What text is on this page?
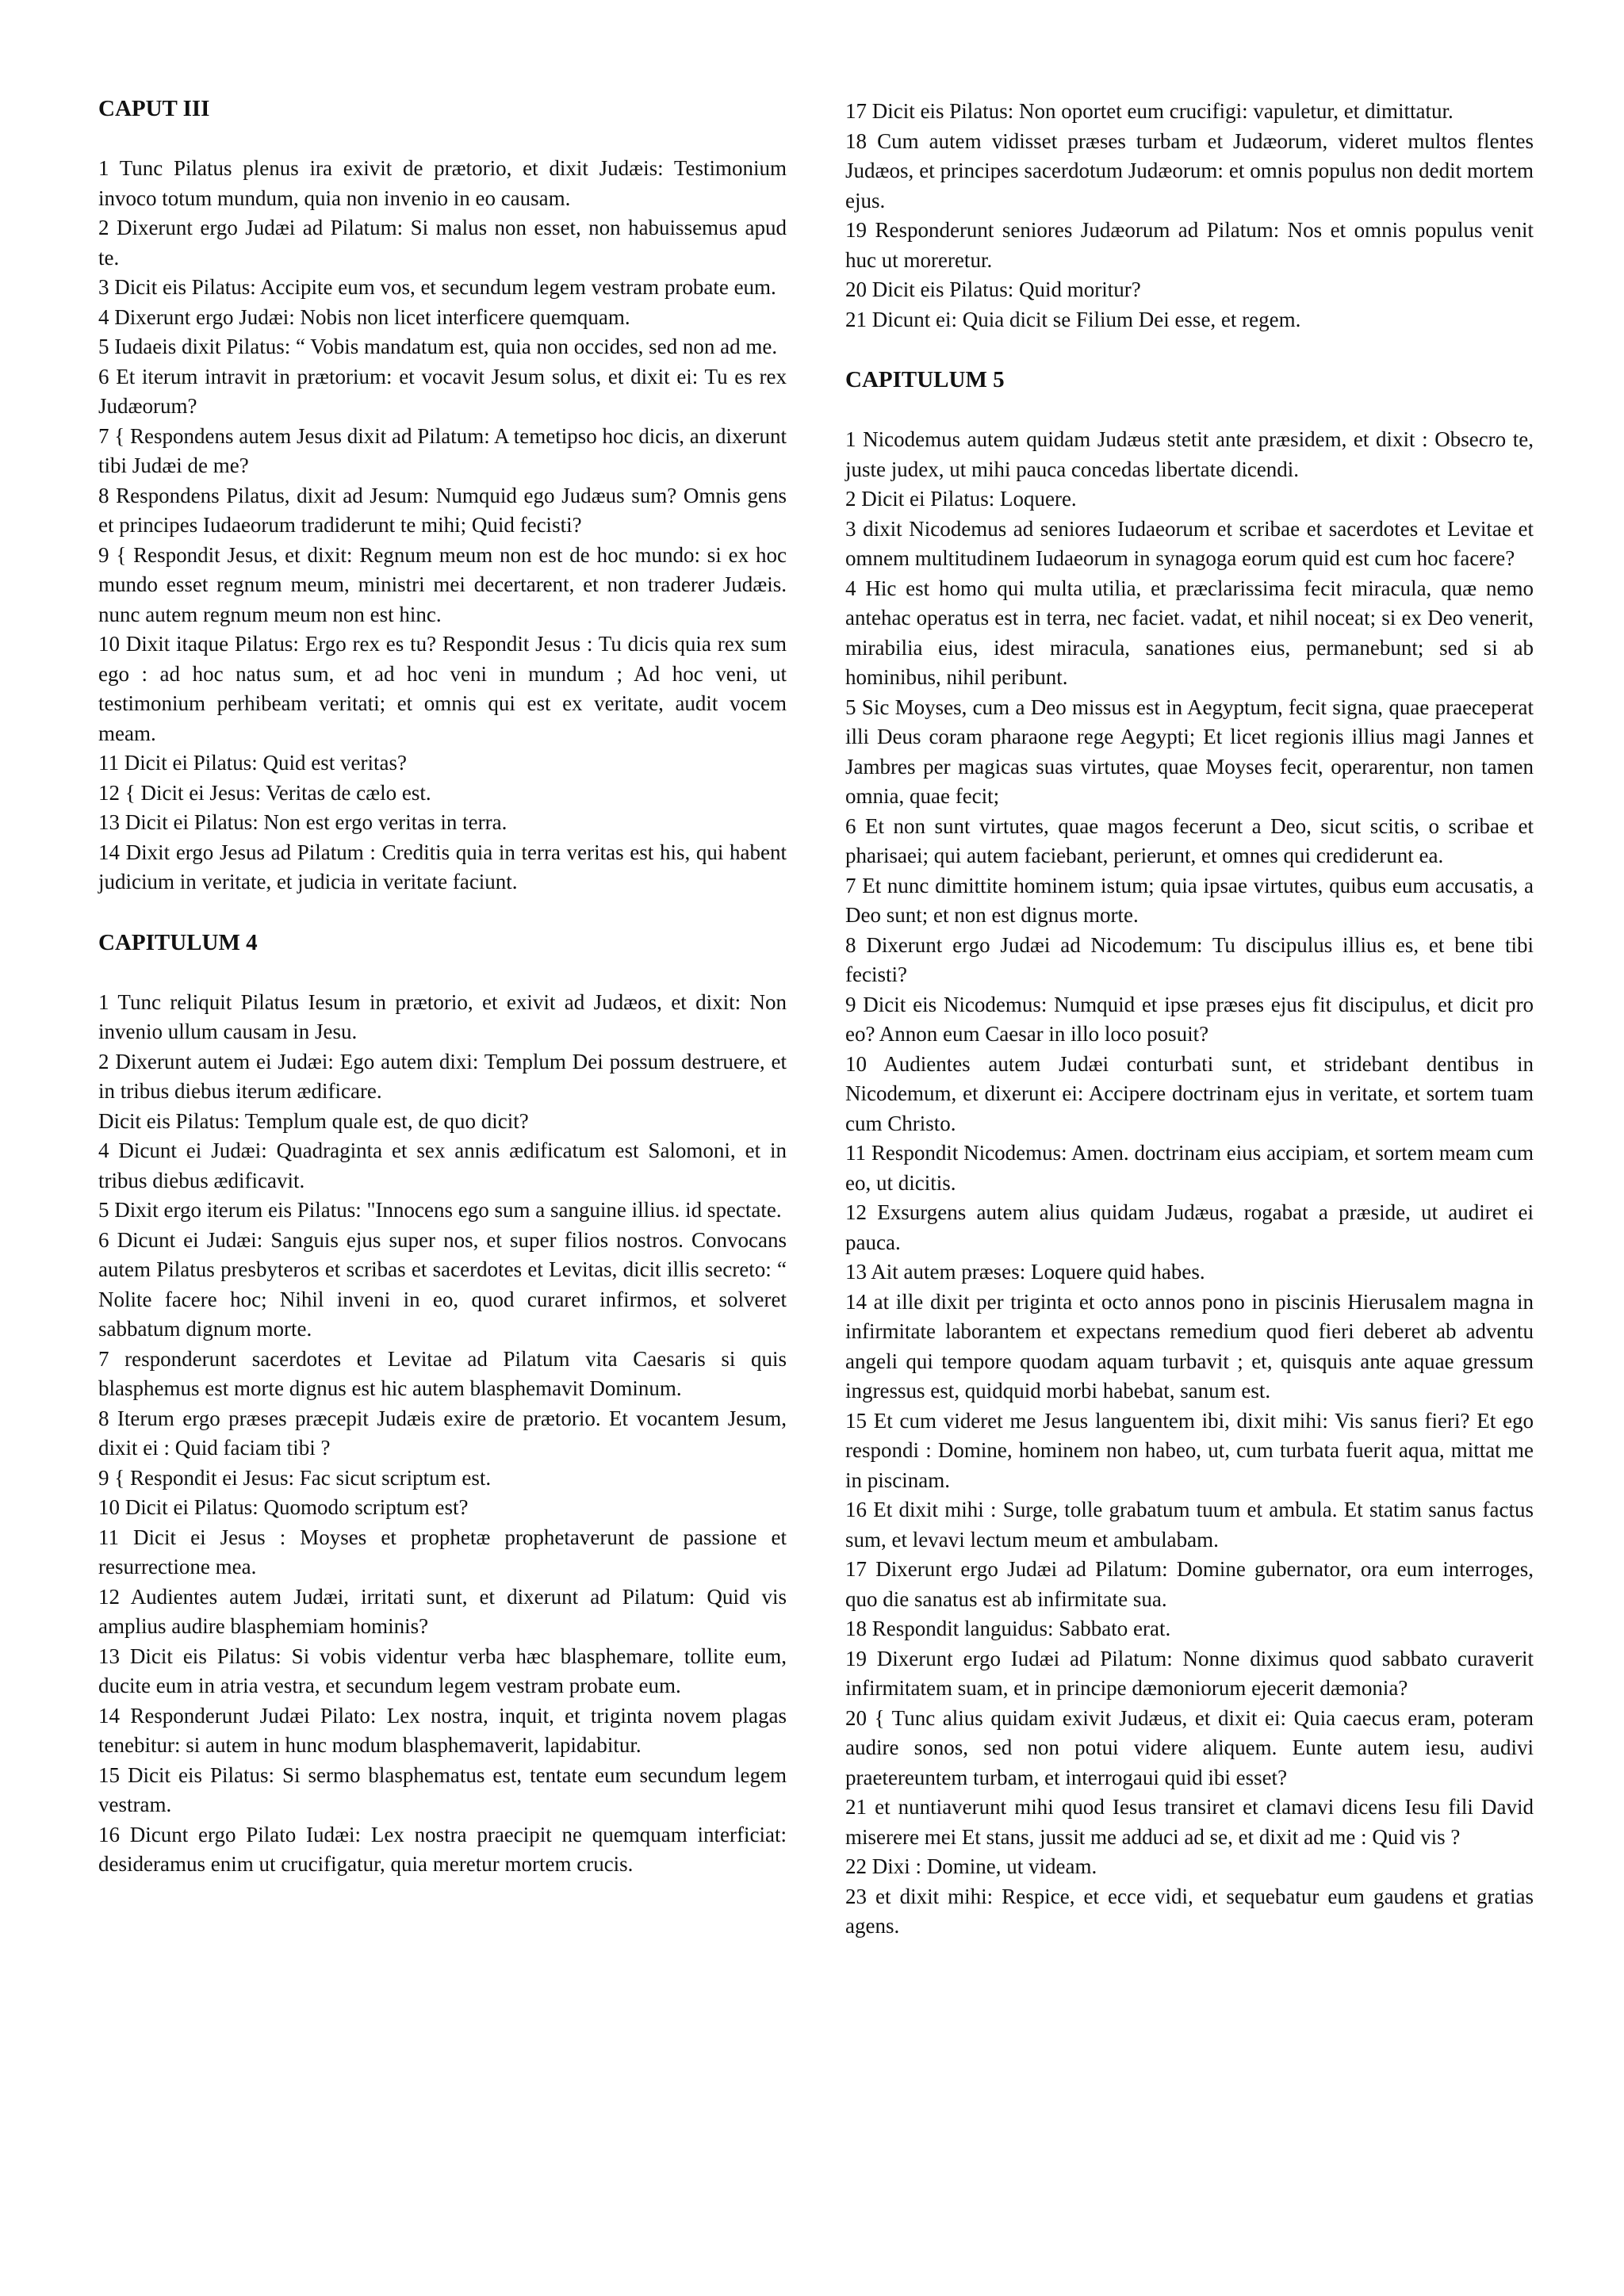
CAPUT III

1 Tunc Pilatus plenus ira exivit de prætorio, et dixit Judæis: Testimonium invoco totum mundum, quia non invenio in eo causam.

2 Dixerunt ergo Judæi ad Pilatum: Si malus non esset, non habuissemus apud te.

3 Dicit eis Pilatus: Accipite eum vos, et secundum legem vestram probate eum.

4 Dixerunt ergo Judæi: Nobis non licet interficere quemquam.

5 Iudaeis dixit Pilatus: “ Vobis mandatum est, quia non occides, sed non ad me.

6 Et iterum intravit in prætorium: et vocavit Jesum solus, et dixit ei: Tu es rex Judæorum?

7 { Respondens autem Jesus dixit ad Pilatum: A temetipso hoc dicis, an dixerunt tibi Judæi de me?

8 Respondens Pilatus, dixit ad Jesum: Numquid ego Judæus sum? Omnis gens et principes Iudaeorum tradiderunt te mihi; Quid fecisti?

9 { Respondit Jesus, et dixit: Regnum meum non est de hoc mundo: si ex hoc mundo esset regnum meum, ministri mei decertarent, et non traderer Judæis. nunc autem regnum meum non est hinc.

10 Dixit itaque Pilatus: Ergo rex es tu? Respondit Jesus : Tu dicis quia rex sum ego : ad hoc natus sum, et ad hoc veni in mundum ; Ad hoc veni, ut testimonium perhibeam veritati; et omnis qui est ex veritate, audit vocem meam.

11 Dicit ei Pilatus: Quid est veritas?

12 { Dicit ei Jesus: Veritas de cælo est.

13 Dicit ei Pilatus: Non est ergo veritas in terra.

14 Dixit ergo Jesus ad Pilatum : Creditis quia in terra veritas est his, qui habent judicium in veritate, et judicia in veritate faciunt.

CAPITULUM 4

1 Tunc reliquit Pilatus Iesum in prætorio, et exivit ad Judæos, et dixit: Non invenio ullum causam in Jesu.

2 Dixerunt autem ei Judæi: Ego autem dixi: Templum Dei possum destruere, et in tribus diebus iterum ædificare.

Dicit eis Pilatus: Templum quale est, de quo dicit?

4 Dicunt ei Judæi: Quadraginta et sex annis ædificatum est Salomoni, et in tribus diebus ædificavit.

5 Dixit ergo iterum eis Pilatus: "Innocens ego sum a sanguine illius. id spectate.

6 Dicunt ei Judæi: Sanguis ejus super nos, et super filios nostros. Convocans autem Pilatus presbyteros et scribas et sacerdotes et Levitas, dicit illis secreto: “ Nolite facere hoc; Nihil inveni in eo, quod curaret infirmos, et solveret sabbatum dignum morte.

7 responderunt sacerdotes et Levitae ad Pilatum vita Caesaris si quis blasphemus est morte dignus est hic autem blasphemavit Dominum.

8 Iterum ergo præses præcepit Judæis exire de prætorio. Et vocantem Jesum, dixit ei : Quid faciam tibi ?

9 { Respondit ei Jesus: Fac sicut scriptum est.

10 Dicit ei Pilatus: Quomodo scriptum est?

11 Dicit ei Jesus : Moyses et prophetæ prophetaverunt de passione et resurrectione mea.

12 Audientes autem Judæi, irritati sunt, et dixerunt ad Pilatum: Quid vis amplius audire blasphemiam hominis?

13 Dicit eis Pilatus: Si vobis videntur verba hæc blasphemare, tollite eum, ducite eum in atria vestra, et secundum legem vestram probate eum.

14 Responderunt Judæi Pilato: Lex nostra, inquit, et triginta novem plagas tenebitur: si autem in hunc modum blasphemaverit, lapidabitur.

15 Dicit eis Pilatus: Si sermo blasphematus est, tentate eum secundum legem vestram.

16 Dicunt ergo Pilato Iudæi: Lex nostra praecipit ne quemquam interficiat: desideramus enim ut crucifigatur, quia meretur mortem crucis.

17 Dicit eis Pilatus: Non oportet eum crucifigi: vapuletur, et dimittatur.

18 Cum autem vidisset præses turbam et Judæorum, videret multos flentes Judæos, et principes sacerdotum Judæorum: et omnis populus non dedit mortem ejus.

19 Responderunt seniores Judæorum ad Pilatum: Nos et omnis populus venit huc ut moreretur.

20 Dicit eis Pilatus: Quid moritur?

21 Dicunt ei: Quia dicit se Filium Dei esse, et regem.

CAPITULUM 5

1 Nicodemus autem quidam Judæus stetit ante præsidem, et dixit : Obsecro te, juste judex, ut mihi pauca concedas libertate dicendi.

2 Dicit ei Pilatus: Loquere.

3 dixit Nicodemus ad seniores Iudaeorum et scribae et sacerdotes et Levitae et omnem multitudinem Iudaeorum in synagoga eorum quid est cum hoc facere?

4 Hic est homo qui multa utilia, et præclarissima fecit miracula, quæ nemo antehac operatus est in terra, nec faciet. vadat, et nihil noceat; si ex Deo venerit, mirabilia eius, idest miracula, sanationes eius, permanebunt; sed si ab hominibus, nihil peribunt.

5 Sic Moyses, cum a Deo missus est in Aegyptum, fecit signa, quae praeceperat illi Deus coram pharaone rege Aegypti; Et licet regionis illius magi Jannes et Jambres per magicas suas virtutes, quae Moyses fecit, operarentur, non tamen omnia, quae fecit;

6 Et non sunt virtutes, quae magos fecerunt a Deo, sicut scitis, o scribae et pharisaei; qui autem faciebant, perierunt, et omnes qui crediderunt ea.

7 Et nunc dimittite hominem istum; quia ipsae virtutes, quibus eum accusatis, a Deo sunt; et non est dignus morte.

8 Dixerunt ergo Judæi ad Nicodemum: Tu discipulus illius es, et bene tibi fecisti?

9 Dicit eis Nicodemus: Numquid et ipse præses ejus fit discipulus, et dicit pro eo? Annon eum Caesar in illo loco posuit?

10 Audientes autem Judæi conturbati sunt, et stridebant dentibus in Nicodemum, et dixerunt ei: Accipere doctrinam ejus in veritate, et sortem tuam cum Christo.

11 Respondit Nicodemus: Amen. doctrinam eius accipiam, et sortem meam cum eo, ut dicitis.

12 Exsurgens autem alius quidam Judæus, rogabat a præside, ut audiret ei pauca.

13 Ait autem præses: Loquere quid habes.

14 at ille dixit per triginta et octo annos pono in piscinis Hierusalem magna in infirmitate laborantem et expectans remedium quod fieri deberet ab adventu angeli qui tempore quodam aquam turbavit ; et, quisquis ante aquae gressum ingressus est, quidquid morbi habebat, sanum est.

15 Et cum videret me Jesus languentem ibi, dixit mihi: Vis sanus fieri? Et ego respondi : Domine, hominem non habeo, ut, cum turbata fuerit aqua, mittat me in piscinam.

16 Et dixit mihi : Surge, tolle grabatum tuum et ambula. Et statim sanus factus sum, et levavi lectum meum et ambulabam.

17 Dixerunt ergo Judæi ad Pilatum: Domine gubernator, ora eum interroges, quo die sanatus est ab infirmitate sua.

18 Respondit languidus: Sabbato erat.

19 Dixerunt ergo Iudæi ad Pilatum: Nonne diximus quod sabbato curaverit infirmitatem suam, et in principe dæmoniorum ejecerit dæmonia?

20 { Tunc alius quidam exivit Judæus, et dixit ei: Quia caecus eram, poteram audire sonos, sed non potui videre aliquem. Eunte autem iesu, audivi praetereuntem turbam, et interrogaui quid ibi esset?

21 et nuntiaverunt mihi quod Iesus transiret et clamavi dicens Iesu fili David miserere mei Et stans, jussit me adduci ad se, et dixit ad me : Quid vis ?

22 Dixi : Domine, ut videam.

23 et dixit mihi: Respice, et ecce vidi, et sequebatur eum gaudens et gratias agens.
